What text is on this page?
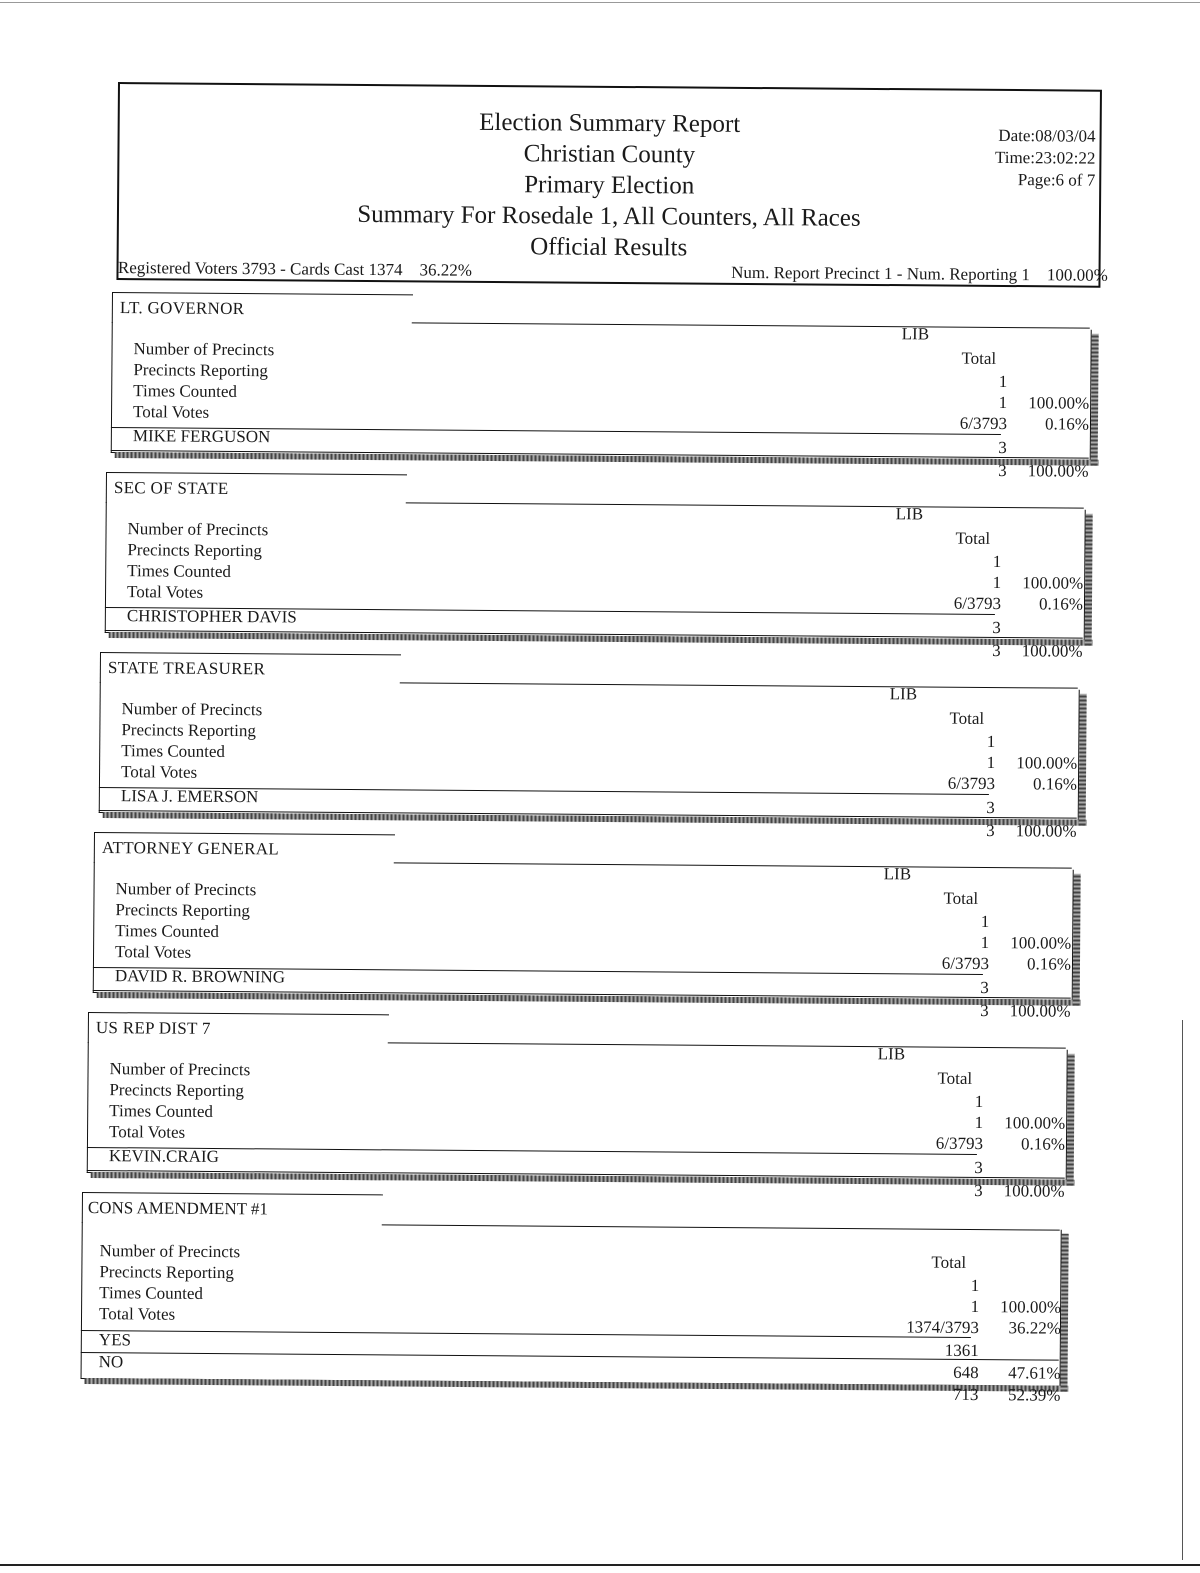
Election Summary Report
Christian County
Primary Election
Summary For Rosedale 1, All Counters, All Races
Official Results
Date:08/03/04
Time:23:02:22
Page:6 of 7
Registered Voters 3793 - Cards Cast 1374 36.22%	Num. Report Precinct 1 - Num. Reporting 1 100.00%
LT. GOVERNOR
LIB
Total
Number of Precincts
Precincts Reporting
Times Counted
Total Votes
1
1
6/3793
100.00%
0.16%
MIKE FERGUSON
3
3 100.00%
SEC OF STATE
LIB
Total
Number of Precincts
Precincts Reporting
Times Counted
Total Votes
1
1
6/3793
100.00%
0.16%
CHRISTOPHER DAVIS
3
3 100.00%
STATE TREASURER
LIB
Total
Number of Precincts
Precincts Reporting
Times Counted
Total Votes
1
1
6/3793
100.00%
0.16%
LISA J. EMERSON
3
3 100.00%
ATTORNEY GENERAL
LIB
Total
Number of Precincts
Precincts Reporting
Times Counted
Total Votes
1
1
6/3793
100.00%
0.16%
DAVID R. BROWNING
3
3 100.00%
US REP DIST 7
LIB
Total
Number of Precincts
Precincts Reporting
Times Counted
Total Votes
1
1
6/3793
100.00%
0.16%
KEVIN.CRAIG
3
3 100.00%
CONS AMENDMENT #1
Number of Precincts
Precincts Reporting
Times Counted
Total Votes
Total
1
1
1374/3793
100.00%
36.22%
YES
NO
1361
648 47.61%
713 52.39%
